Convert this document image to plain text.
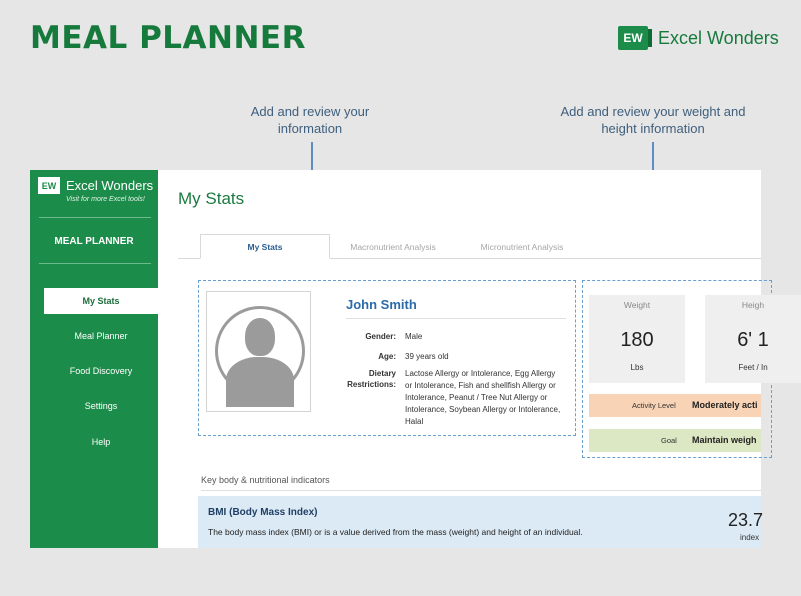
MEAL PLANNER	EW Excel Wonders
Add and review your information
Add and review your weight and height information
EW Excel Wonders
Visit for more Excel tools!
MEAL PLANNER
My Stats
Meal Planner
Food Discovery
Settings
Help
My Stats
My Stats	Macronutrient Analysis	Micronutrient Analysis
John Smith
Gender: Male
Age: 39 years old
Dietary
Restrictions:
Lactose Allergy or Intolerance, Egg Allergy
or Intolerance, Fish and shellfish Allergy or
Intolerance, Peanut / Tree Nut Allergy or
Intolerance, Soybean Allergy or Intolerance,
Halal
Weight
180
Lbs
Heigh
6' 1
Feet / In
Activity Level Moderately acti
Goal Maintain weigh
Key body & nutritional indicators
BMI (Body Mass Index)
The body mass index (BMI) or is a value derived from the mass (weight) and height of an individual.
23.7
index
